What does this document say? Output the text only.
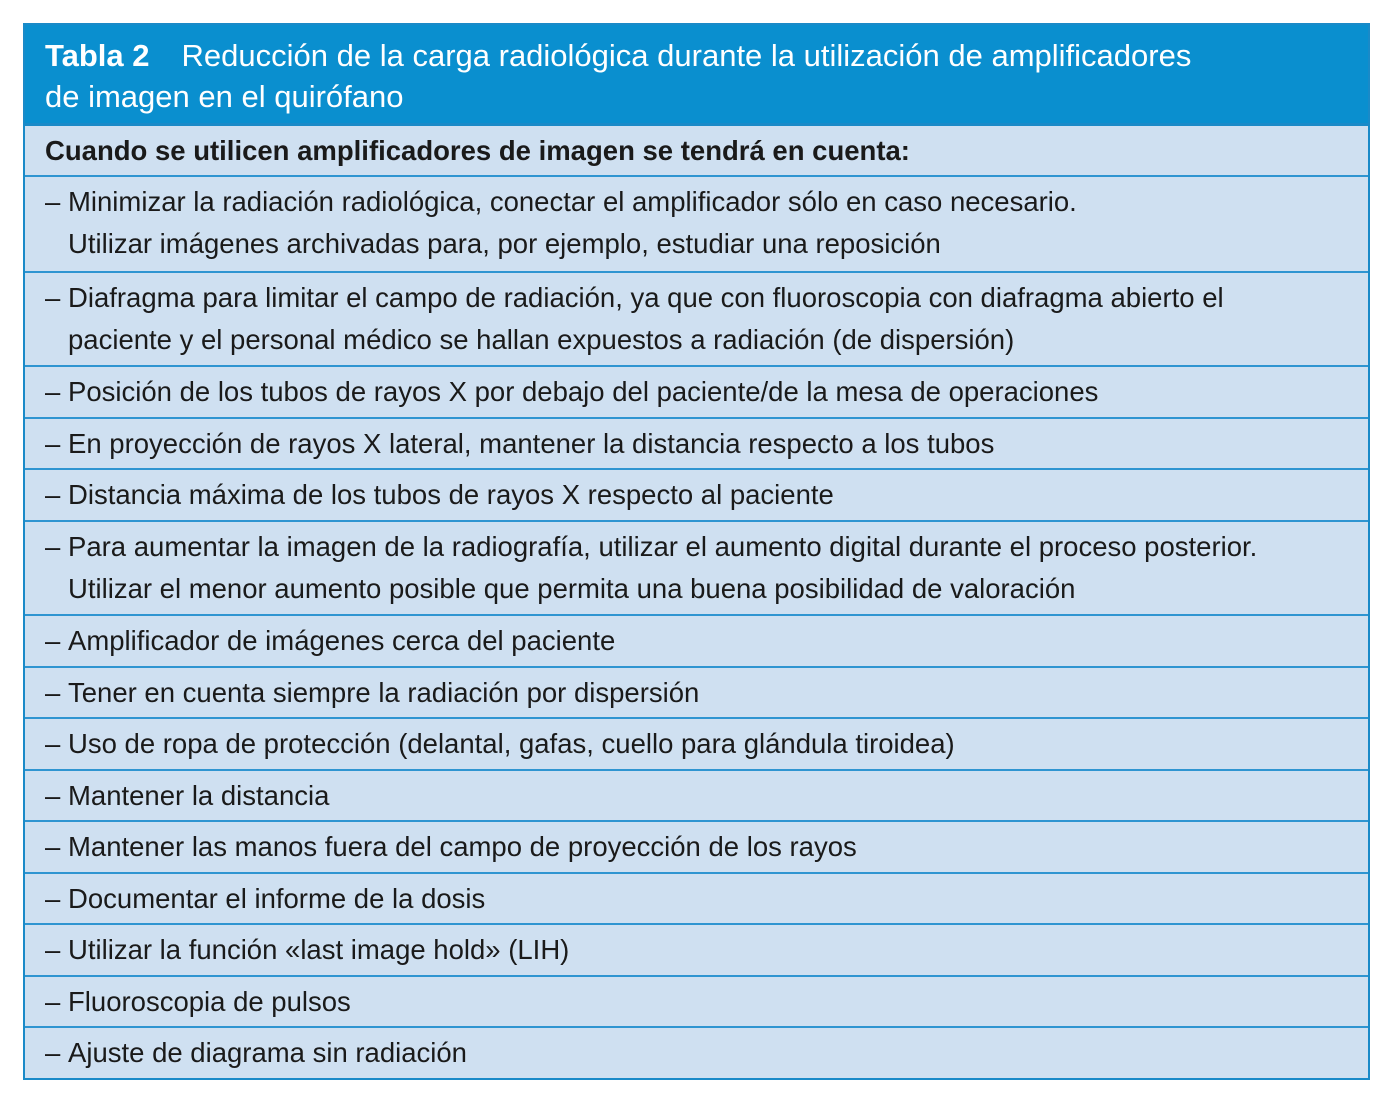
Tabla 2 Reducción de la carga radiológica durante la utilización de amplificadores
de imagen en el quirófano
Cuando se utilicen amplificadores de imagen se tendrá en cuenta:
– Minimizar la radiación radiológica, conectar el amplificador sólo en caso necesario.
Utilizar imágenes archivadas para, por ejemplo, estudiar una reposición
– Diafragma para limitar el campo de radiación, ya que con fluoroscopia con diafragma abierto el
paciente y el personal médico se hallan expuestos a radiación (de dispersión)
– Posición de los tubos de rayos X por debajo del paciente/de la mesa de operaciones
– En proyección de rayos X lateral, mantener la distancia respecto a los tubos
– Distancia máxima de los tubos de rayos X respecto al paciente
– Para aumentar la imagen de la radiografía, utilizar el aumento digital durante el proceso posterior.
Utilizar el menor aumento posible que permita una buena posibilidad de valoración
– Amplificador de imágenes cerca del paciente
– Tener en cuenta siempre la radiación por dispersión
– Uso de ropa de protección (delantal, gafas, cuello para glándula tiroidea)
– Mantener la distancia
– Mantener las manos fuera del campo de proyección de los rayos
– Documentar el informe de la dosis
– Utilizar la función «last image hold» (LIH)
– Fluoroscopia de pulsos
– Ajuste de diagrama sin radiación
